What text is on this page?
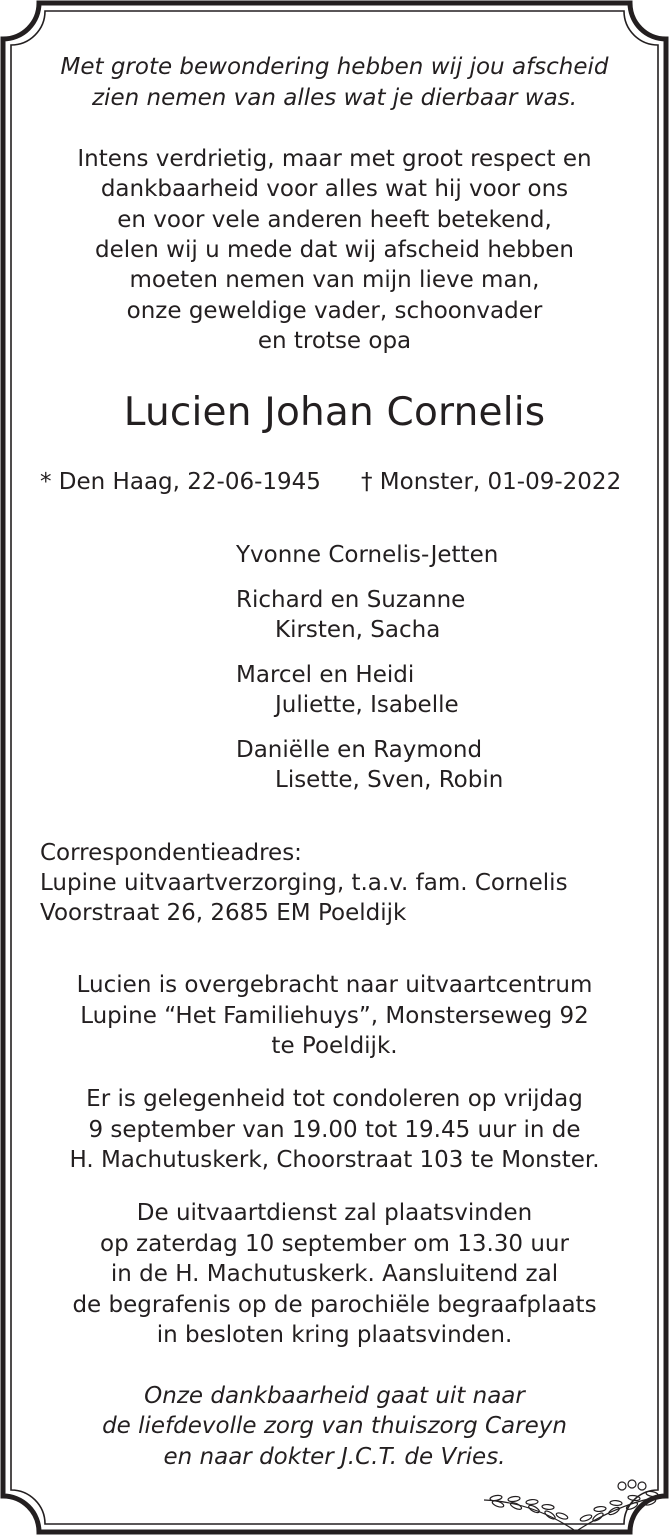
Met grote bewondering hebben wij jou afscheid
zien nemen van alles wat je dierbaar was.
Intens verdrietig, maar met groot respect en
dankbaarheid voor alles wat hij voor ons
en voor vele anderen heeft betekend,
delen wij u mede dat wij afscheid hebben
moeten nemen van mijn lieve man,
onze geweldige vader, schoonvader
en trotse opa
Lucien Johan Cornelis
* Den Haag, 22-06-1945 † Monster, 01-09-2022
Yvonne Cornelis-Jetten
Richard en Suzanne
Kirsten, Sacha
Marcel en Heidi
Juliette, Isabelle
Daniëlle en Raymond
Lisette, Sven, Robin
Correspondentieadres:
Lupine uitvaartverzorging, t.a.v. fam. Cornelis
Voorstraat 26, 2685 EM Poeldijk
Lucien is overgebracht naar uitvaartcentrum
Lupine “Het Familiehuys”, Monsterseweg 92
te Poeldijk.
Er is gelegenheid tot condoleren op vrijdag
9 september van 19.00 tot 19.45 uur in de
H. Machutuskerk, Choorstraat 103 te Monster.
De uitvaartdienst zal plaatsvinden
op zaterdag 10 september om 13.30 uur
in de H. Machutuskerk. Aansluitend zal
de begrafenis op de parochiële begraafplaats
in besloten kring plaatsvinden.
Onze dankbaarheid gaat uit naar
de liefdevolle zorg van thuiszorg Careyn
en naar dokter J.C.T. de Vries.
